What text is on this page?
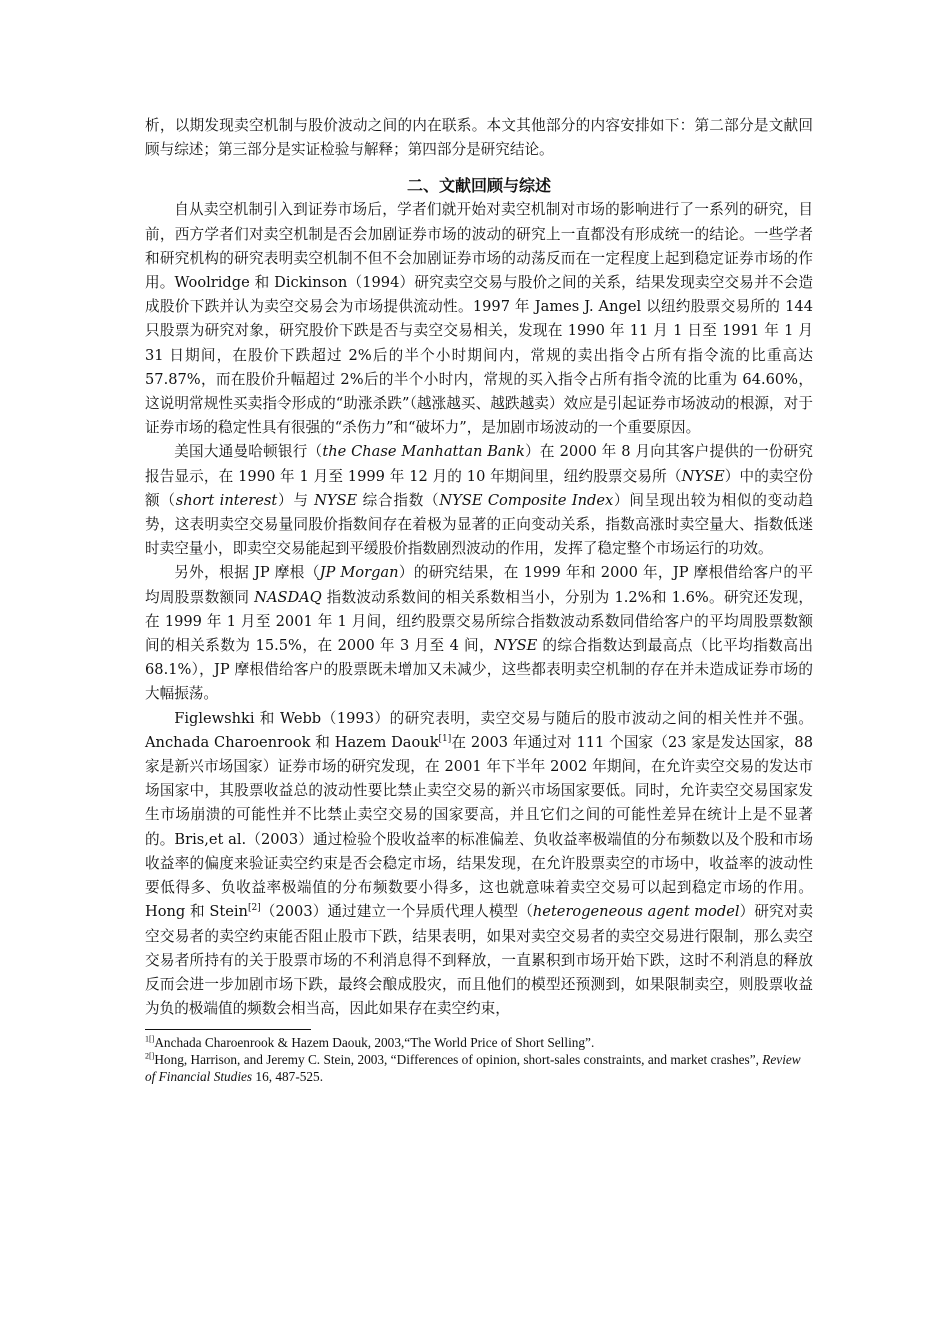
析，以期发现卖空机制与股价波动之间的内在联系。本文其他部分的内容安排如下：第二部分是文献回顾与综述；第三部分是实证检验与解释；第四部分是研究结论。

二、文献回顾与综述

自从卖空机制引入到证券市场后，学者们就开始对卖空机制对市场的影响进行了一系列的研究，目前，西方学者们对卖空机制是否会加剧证券市场的波动的研究上一直都没有形成统一的结论。一些学者和研究机构的研究表明卖空机制不但不会加剧证券市场的动荡反而在一定程度上起到稳定证券市场的作用。Woolridge 和 Dickinson（1994）研究卖空交易与股价之间的关系，结果发现卖空交易并不会造成股价下跌并认为卖空交易会为市场提供流动性。1997 年 James J. Angel 以纽约股票交易所的 144 只股票为研究对象，研究股价下跌是否与卖空交易相关，发现在 1990 年 11 月 1 日至 1991 年 1 月 31 日期间，在股价下跌超过 2%后的半个小时期间内，常规的卖出指令占所有指令流的比重高达 57.87%，而在股价升幅超过 2%后的半个小时内，常规的买入指令占所有指令流的比重为 64.60%，这说明常规性买卖指令形成的“助涨杀跌”（越涨越买、越跌越卖）效应是引起证券市场波动的根源，对于证券市场的稳定性具有很强的“杀伤力”和“破坏力”，是加剧市场波动的一个重要原因。

美国大通曼哈顿银行（the Chase Manhattan Bank）在 2000 年 8 月向其客户提供的一份研究报告显示，在 1990 年 1 月至 1999 年 12 月的 10 年期间里，纽约股票交易所（NYSE）中的卖空份额（short interest）与 NYSE 综合指数（NYSE Composite Index）间呈现出较为相似的变动趋势，这表明卖空交易量同股价指数间存在着极为显著的正向变动关系，指数高涨时卖空量大、指数低迷时卖空量小，即卖空交易能起到平缓股价指数剧烈波动的作用，发挥了稳定整个市场运行的功效。

另外，根据 JP 摩根（JP Morgan）的研究结果，在 1999 年和 2000 年，JP 摩根借给客户的平均周股票数额同 NASDAQ 指数波动系数间的相关系数相当小，分别为 1.2%和 1.6%。研究还发现，在 1999 年 1 月至 2001 年 1 月间，纽约股票交易所综合指数波动系数同借给客户的平均周股票数额间的相关系数为 15.5%，在 2000 年 3 月至 4 间，NYSE 的综合指数达到最高点（比平均指数高出 68.1%），JP 摩根借给客户的股票既未增加又未减少，这些都表明卖空机制的存在并未造成证券市场的大幅振荡。

Figlewshki 和 Webb（1993）的研究表明，卖空交易与随后的股市波动之间的相关性并不强。Anchada Charoenrook 和 Hazem Daouk[1]在 2003 年通过对 111 个国家（23 家是发达国家，88 家是新兴市场国家）证券市场的研究发现，在 2001 年下半年 2002 年期间，在允许卖空交易的发达市场国家中，其股票收益总的波动性要比禁止卖空交易的新兴市场国家要低。同时，允许卖空交易国家发生市场崩溃的可能性并不比禁止卖空交易的国家要高，并且它们之间的可能性差异在统计上是不显著的。Bris,et al.（2003）通过检验个股收益率的标准偏差、负收益率极端值的分布频数以及个股和市场收益率的偏度来验证卖空约束是否会稳定市场，结果发现，在允许股票卖空的市场中，收益率的波动性要低得多、负收益率极端值的分布频数要小得多，这也就意味着卖空交易可以起到稳定市场的作用。Hong 和 Stein[2]（2003）通过建立一个异质代理人模型（heterogeneous agent model）研究对卖空交易者的卖空约束能否阻止股市下跌，结果表明，如果对卖空交易者的卖空交易进行限制，那么卖空交易者所持有的关于股票市场的不利消息得不到释放，一直累积到市场开始下跌，这时不利消息的释放反而会进一步加剧市场下跌，最终会酿成股灾，而且他们的模型还预测到，如果限制卖空，则股票收益为负的极端值的频数会相当高，因此如果存在卖空约束，

$^{1[]}$Anchada Charoenrook & Hazem Daouk, 2003,“The World Price of Short Selling”.

$^{2[]}$Hong, Harrison, and Jeremy C. Stein, 2003, “Differences of opinion, short-sales constraints, and market crashes”, Review of Financial Studies 16, 487-525.
